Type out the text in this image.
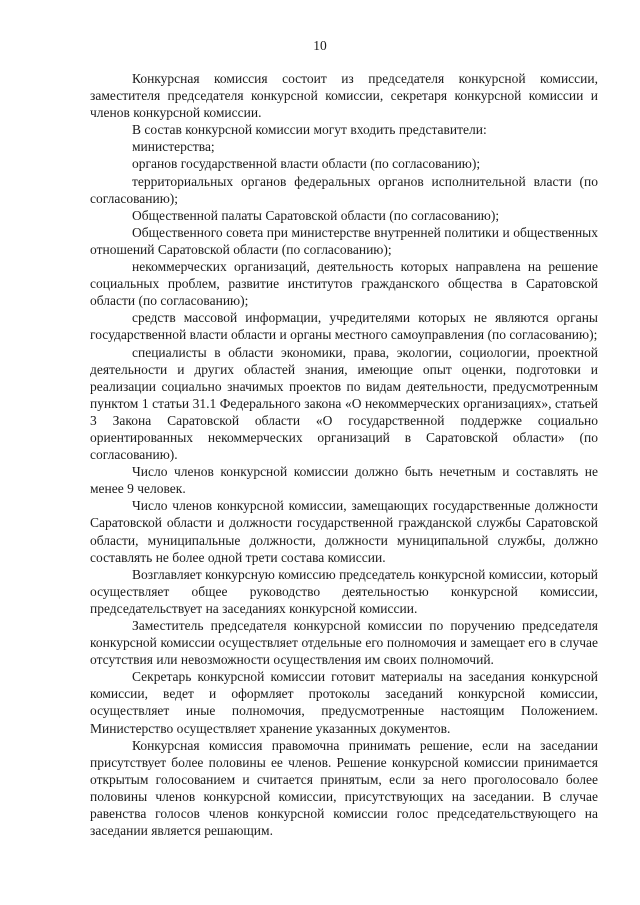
10

Конкурсная комиссия состоит из председателя конкурсной комиссии, заместителя председателя конкурсной комиссии, секретаря конкурсной комиссии и членов конкурсной комиссии.

В состав конкурсной комиссии могут входить представители:

министерства;

органов государственной власти области (по согласованию);

территориальных органов федеральных органов исполнительной власти (по согласованию);

Общественной палаты Саратовской области (по согласованию);

Общественного совета при министерстве внутренней политики и общественных отношений Саратовской области (по согласованию);

некоммерческих организаций, деятельность которых направлена на решение социальных проблем, развитие институтов гражданского общества в Саратовской области (по согласованию);

средств массовой информации, учредителями которых не являются органы государственной власти области и органы местного самоуправления (по согласованию);

специалисты в области экономики, права, экологии, социологии, проектной деятельности и других областей знания, имеющие опыт оценки, подготовки и реализации социально значимых проектов по видам деятельности, предусмотренным пунктом 1 статьи 31.1 Федерального закона «О некоммерческих организациях», статьей 3 Закона Саратовской области «О государственной поддержке социально ориентированных некоммерческих организаций в Саратовской области» (по согласованию).

Число членов конкурсной комиссии должно быть нечетным и составлять не менее 9 человек.

Число членов конкурсной комиссии, замещающих государственные должности Саратовской области и должности государственной гражданской службы Саратовской области, муниципальные должности, должности муниципальной службы, должно составлять не более одной трети состава комиссии.

Возглавляет конкурсную комиссию председатель конкурсной комиссии, который осуществляет общее руководство деятельностью конкурсной комиссии, председательствует на заседаниях конкурсной комиссии.

Заместитель председателя конкурсной комиссии по поручению председателя конкурсной комиссии осуществляет отдельные его полномочия и замещает его в случае отсутствия или невозможности осуществления им своих полномочий.

Секретарь конкурсной комиссии готовит материалы на заседания конкурсной комиссии, ведет и оформляет протоколы заседаний конкурсной комиссии, осуществляет иные полномочия, предусмотренные настоящим Положением. Министерство осуществляет хранение указанных документов.

Конкурсная комиссия правомочна принимать решение, если на заседании присутствует более половины ее членов. Решение конкурсной комиссии принимается открытым голосованием и считается принятым, если за него проголосовало более половины членов конкурсной комиссии, присутствующих на заседании. В случае равенства голосов членов конкурсной комиссии голос председательствующего на заседании является решающим.
